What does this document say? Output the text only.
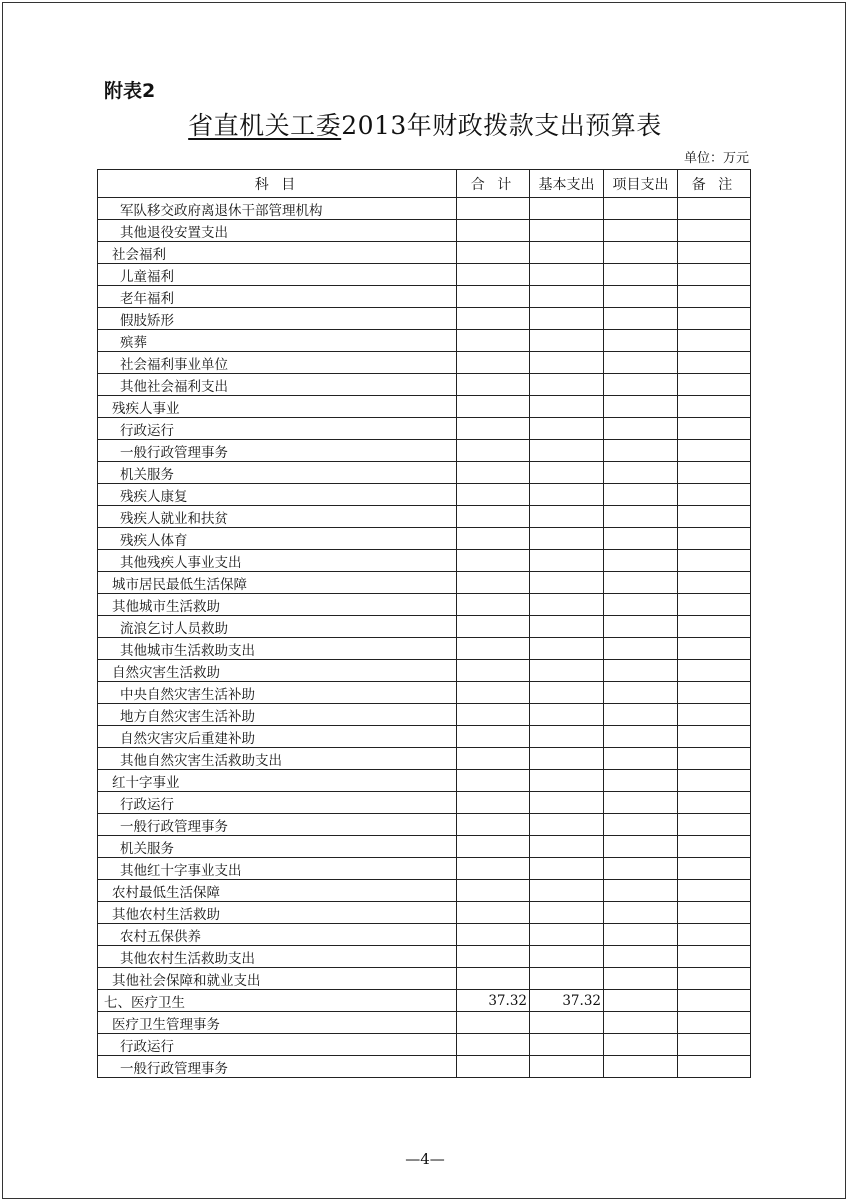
附表2
省直机关工委2013年财政拨款支出预算表
单位：万元
科 目	合 计	基本支出	项目支出	备 注
军队移交政府离退休干部管理机构				
其他退役安置支出				
社会福利				
儿童福利				
老年福利				
假肢矫形				
殡葬				
社会福利事业单位				
其他社会福利支出				
残疾人事业				
行政运行				
一般行政管理事务				
机关服务				
残疾人康复				
残疾人就业和扶贫				
残疾人体育				
其他残疾人事业支出				
城市居民最低生活保障				
其他城市生活救助				
流浪乞讨人员救助				
其他城市生活救助支出				
自然灾害生活救助				
中央自然灾害生活补助				
地方自然灾害生活补助				
自然灾害灾后重建补助				
其他自然灾害生活救助支出				
红十字事业				
行政运行				
一般行政管理事务				
机关服务				
其他红十字事业支出				
农村最低生活保障				
其他农村生活救助				
农村五保供养				
其他农村生活救助支出				
其他社会保障和就业支出				
七、医疗卫生	37.32	37.32		
医疗卫生管理事务				
行政运行				
一般行政管理事务				
—4—
